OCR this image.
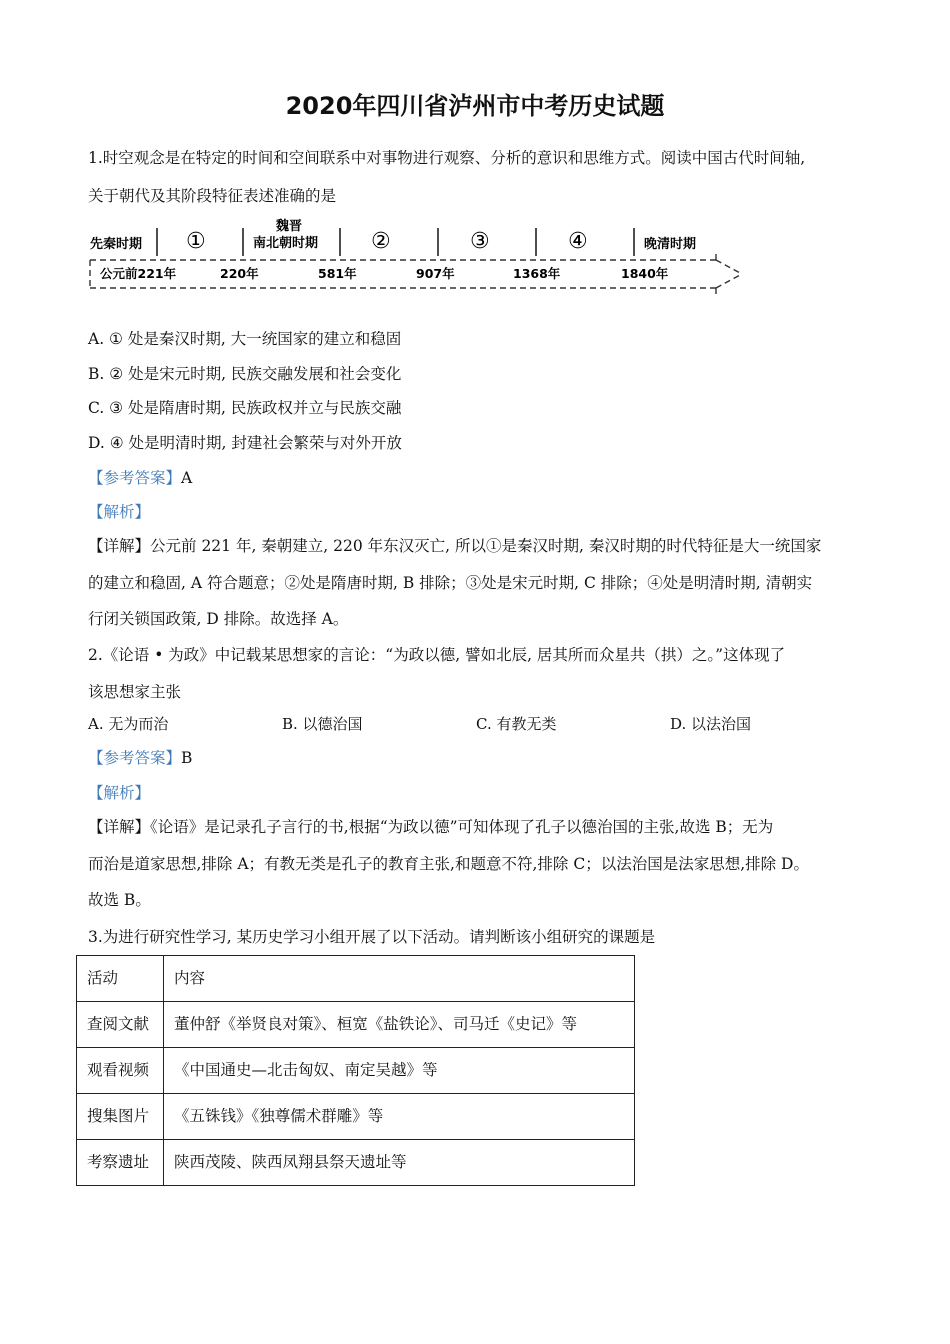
2020年四川省泸州市中考历史试题
1.时空观念是在特定的时间和空间联系中对事物进行观察、分析的意识和思维方式。阅读中国古代时间轴,
关于朝代及其阶段特征表述准确的是
先秦时期 ①
魏晋
南北朝时期 ②	③	④	晚清时期
公元前221年	220年	581年	907年	1368年	1840年
A. ① 处是秦汉时期, 大一统国家的建立和稳固
B. ② 处是宋元时期, 民族交融发展和社会变化
C. ③ 处是隋唐时期, 民族政权并立与民族交融
D. ④ 处是明清时期, 封建社会繁荣与对外开放
【参考答案】A
【解析】
【详解】公元前 221 年, 秦朝建立, 220 年东汉灭亡, 所以①是秦汉时期, 秦汉时期的时代特征是大一统国家
的建立和稳固, A 符合题意；②处是隋唐时期, B 排除；③处是宋元时期, C 排除；④处是明清时期, 清朝实
行闭关锁国政策, D 排除。故选择 A。
2.《论语 • 为政》中记载某思想家的言论：“为政以德, 譬如北辰, 居其所而众星共（拱）之。”这体现了
该思想家主张
A. 无为而治	B. 以德治国	C. 有教无类	D. 以法治国
【参考答案】B
【解析】
【详解】《论语》是记录孔子言行的书,根据“为政以德”可知体现了孔子以德治国的主张,故选 B；无为
而治是道家思想,排除 A；有教无类是孔子的教育主张,和题意不符,排除 C；以法治国是法家思想,排除 D。
故选 B。
3.为进行研究性学习, 某历史学习小组开展了以下活动。请判断该小组研究的课题是
活动	内容
查阅文献	董仲舒《举贤良对策》、桓宽《盐铁论》、司马迁《史记》等
观看视频	《中国通史—北击匈奴、南定吴越》等
搜集图片	《五铢钱》《独尊儒术群雕》等
考察遗址	陕西茂陵、陕西凤翔县祭天遗址等
